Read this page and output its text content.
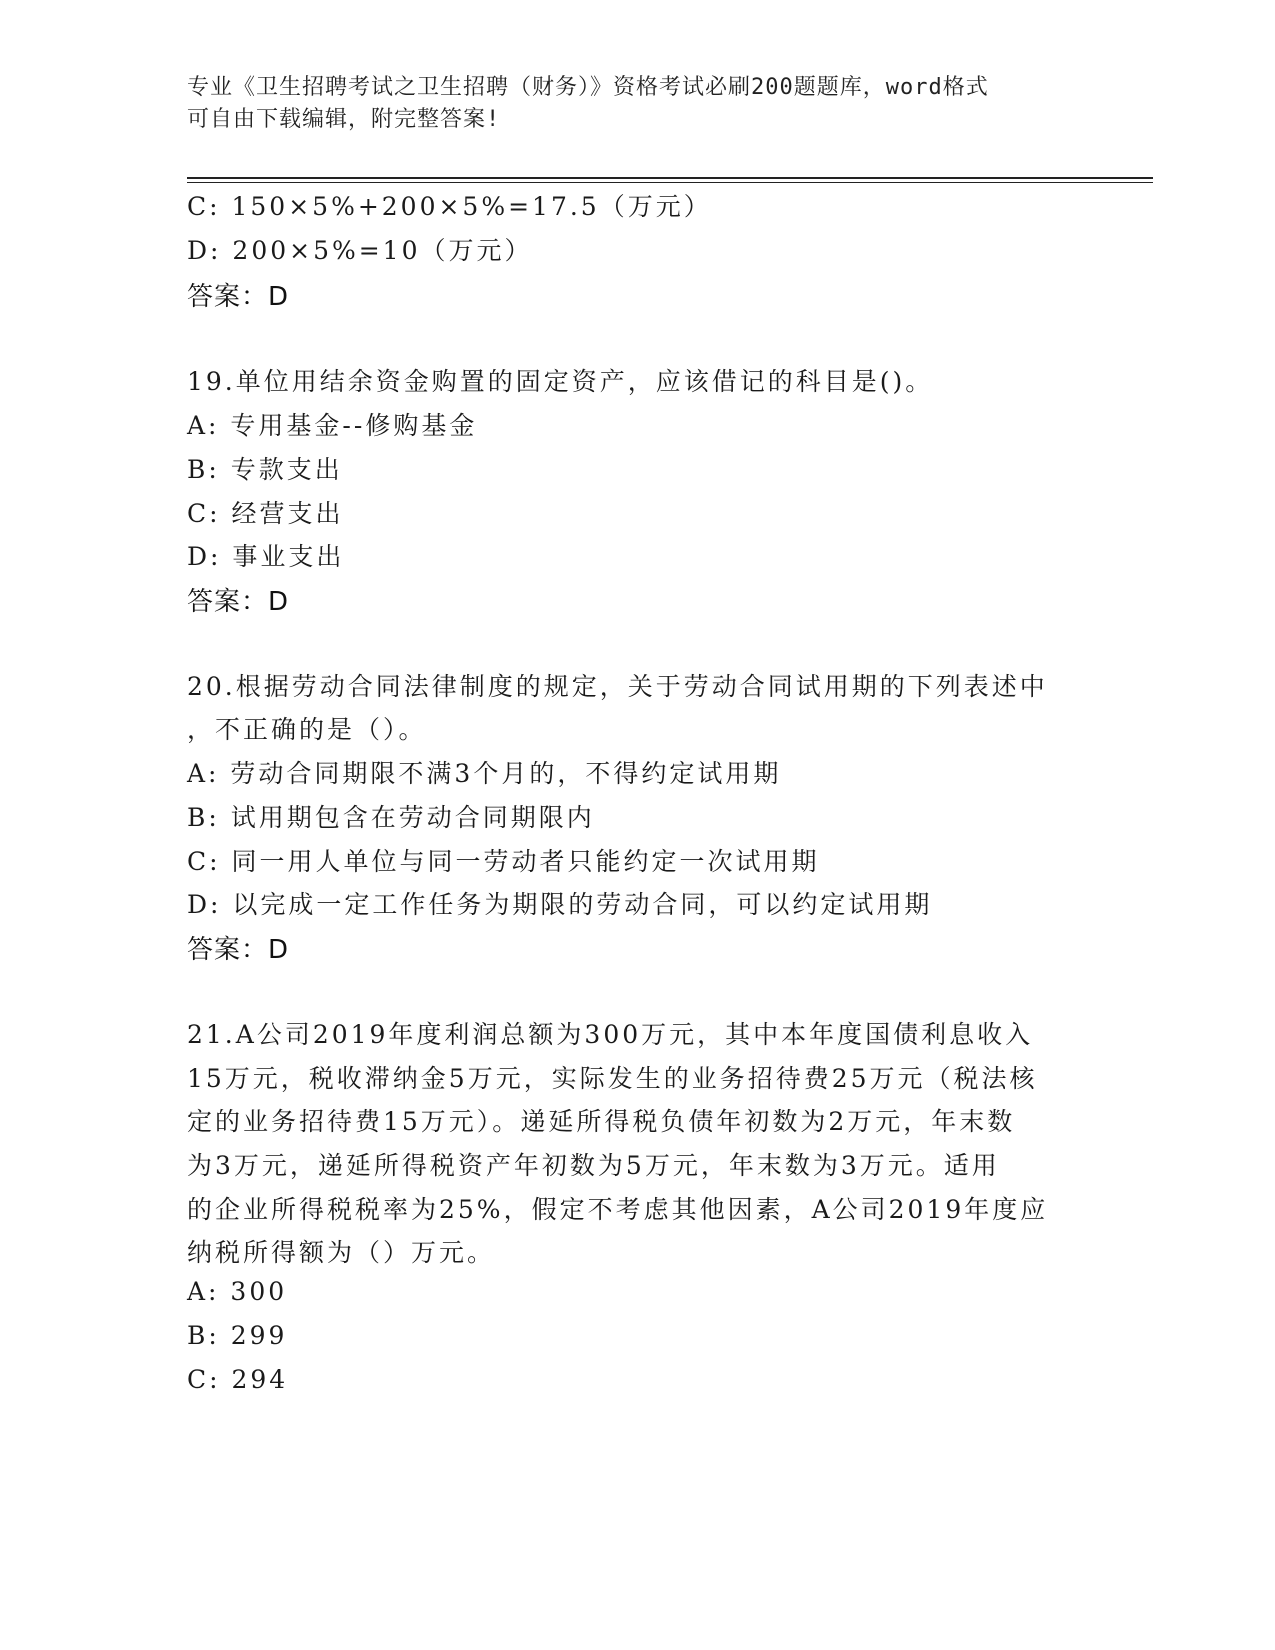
专业《卫生招聘考试之卫生招聘（财务）》资格考试必刷200题题库，word格式
可自由下载编辑，附完整答案!
C: 150×5%+200×5%=17.5（万元）
D: 200×5%=10（万元）
答案：D
19.单位用结余资金购置的固定资产，应该借记的科目是()。
A: 专用基金--修购基金
B: 专款支出
C: 经营支出
D: 事业支出
答案：D
20.根据劳动合同法律制度的规定，关于劳动合同试用期的下列表述中
，不正确的是（）。
A: 劳动合同期限不满3个月的，不得约定试用期
B: 试用期包含在劳动合同期限内
C: 同一用人单位与同一劳动者只能约定一次试用期
D: 以完成一定工作任务为期限的劳动合同，可以约定试用期
答案：D
21.A公司2019年度利润总额为300万元，其中本年度国债利息收入
15万元，税收滞纳金5万元，实际发生的业务招待费25万元（税法核
定的业务招待费15万元）。递延所得税负债年初数为2万元，年末数
为3万元，递延所得税资产年初数为5万元，年末数为3万元。适用
的企业所得税税率为25%，假定不考虑其他因素，A公司2019年度应
纳税所得额为（）万元。
A: 300
B: 299
C: 294
